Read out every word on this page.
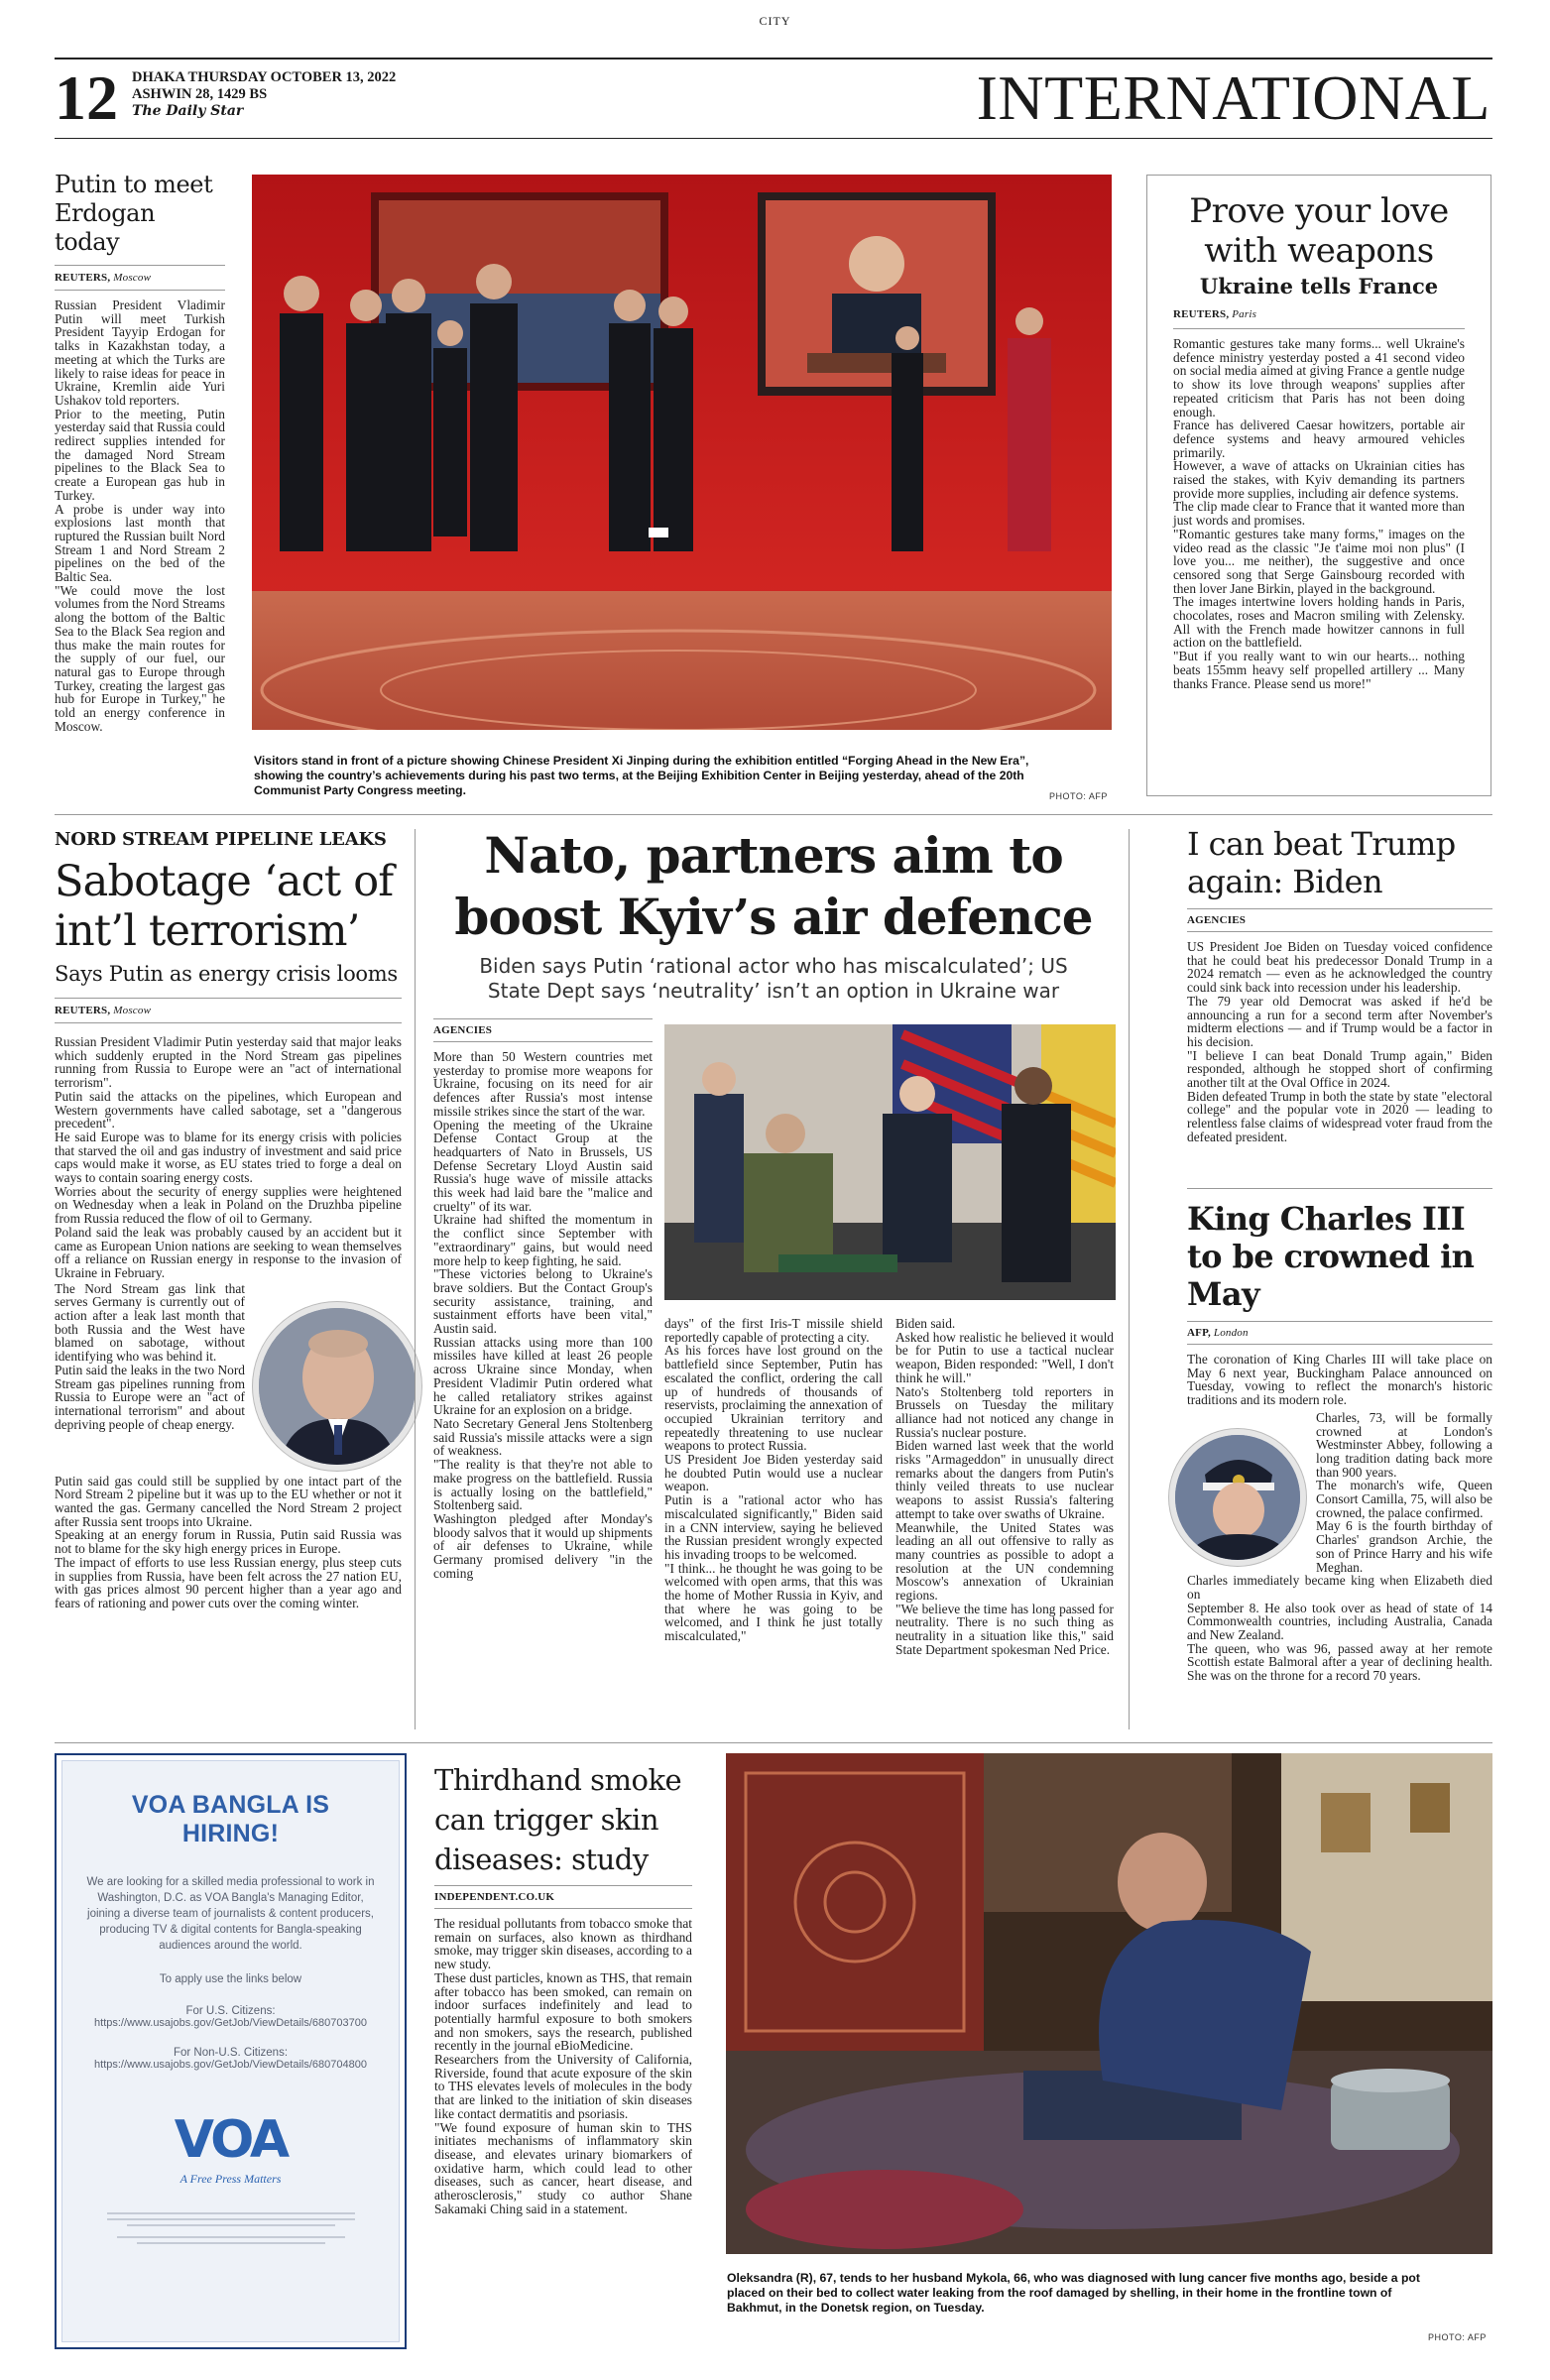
CITY
12 DHAKA THURSDAY OCTOBER 13, 2022
ASHWIN 28, 1429 BS
The Daily Star	INTERNATIONAL
Putin to meet Erdogan today
REUTERS, Moscow
Russian President Vladimir Putin will meet Turkish President Tayyip Erdogan for talks in Kazakhstan today, a meeting at which the Turks are likely to raise ideas for peace in Ukraine, Kremlin aide Yuri Ushakov told reporters.
Prior to the meeting, Putin yesterday said that Russia could redirect supplies intended for the damaged Nord Stream pipelines to the Black Sea to create a European gas hub in Turkey.
A probe is under way into explosions last month that ruptured the Russian built Nord Stream 1 and Nord Stream 2 pipelines on the bed of the Baltic Sea.
"We could move the lost volumes from the Nord Streams along the bottom of the Baltic Sea to the Black Sea region and thus make the main routes for the supply of our fuel, our natural gas to Europe through Turkey, creating the largest gas hub for Europe in Turkey," he told an energy conference in Moscow.
Visitors stand in front of a picture showing Chinese President Xi Jinping during the exhibition entitled “Forging Ahead in the New Era”, showing the country’s achievements during his past two terms, at the Beijing Exhibition Center in Beijing yesterday, ahead of the 20th Communist Party Congress meeting.	PHOTO: AFP
Prove your love with weapons
Ukraine tells France
REUTERS, Paris
Romantic gestures take many forms... well Ukraine's defence ministry yesterday posted a 41 second video on social media aimed at giving France a gentle nudge to show its love through weapons' supplies after repeated criticism that Paris has not been doing enough.
France has delivered Caesar howitzers, portable air defence systems and heavy armoured vehicles primarily.
However, a wave of attacks on Ukrainian cities has raised the stakes, with Kyiv demanding its partners provide more supplies, including air defence systems.
The clip made clear to France that it wanted more than just words and promises.
"Romantic gestures take many forms," images on the video read as the classic "Je t'aime moi non plus" (I love you... me neither), the suggestive and once censored song that Serge Gainsbourg recorded with then lover Jane Birkin, played in the background.
The images intertwine lovers holding hands in Paris, chocolates, roses and Macron smiling with Zelensky. All with the French made howitzer cannons in full action on the battlefield.
"But if you really want to win our hearts... nothing beats 155mm heavy self propelled artillery ... Many thanks France. Please send us more!"
NORD STREAM PIPELINE LEAKS
Sabotage ‘act of int’l terrorism’
Says Putin as energy crisis looms
REUTERS, Moscow
Russian President Vladimir Putin yesterday said that major leaks which suddenly erupted in the Nord Stream gas pipelines running from Russia to Europe were an "act of international terrorism".
Putin said the attacks on the pipelines, which European and Western governments have called sabotage, set a "dangerous precedent".
He said Europe was to blame for its energy crisis with policies that starved the oil and gas industry of investment and said price caps would make it worse, as EU states tried to forge a deal on ways to contain soaring energy costs.
Worries about the security of energy supplies were heightened on Wednesday when a leak in Poland on the Druzhba pipeline from Russia reduced the flow of oil to Germany.
Poland said the leak was probably caused by an accident but it came as European Union nations are seeking to wean themselves off a reliance on Russian energy in response to the invasion of Ukraine in February.
The Nord Stream gas link that serves Germany is currently out of action after a leak last month that both Russia and the West have blamed on sabotage, without identifying who was behind it.
Putin said the leaks in the two Nord Stream gas pipelines running from Russia to Europe were an "act of international terrorism" and about depriving people of cheap energy.
Putin said gas could still be supplied by one intact part of the Nord Stream 2 pipeline but it was up to the EU whether or not it wanted the gas. Germany cancelled the Nord Stream 2 project after Russia sent troops into Ukraine.
Speaking at an energy forum in Russia, Putin said Russia was not to blame for the sky high energy prices in Europe.
The impact of efforts to use less Russian energy, plus steep cuts in supplies from Russia, have been felt across the 27 nation EU, with gas prices almost 90 percent higher than a year ago and fears of rationing and power cuts over the coming winter.
Nato, partners aim to boost Kyiv’s air defence
Biden says Putin ‘rational actor who has miscalculated’; US State Dept says ‘neutrality’ isn’t an option in Ukraine war
AGENCIES
More than 50 Western countries met yesterday to promise more weapons for Ukraine, focusing on its need for air defences after Russia's most intense missile strikes since the start of the war.
Opening the meeting of the Ukraine Defense Contact Group at the headquarters of Nato in Brussels, US Defense Secretary Lloyd Austin said Russia's huge wave of missile attacks this week had laid bare the "malice and cruelty" of its war.
Ukraine had shifted the momentum in the conflict since September with "extraordinary" gains, but would need more help to keep fighting, he said.
"These victories belong to Ukraine's brave soldiers. But the Contact Group's security assistance, training, and sustainment efforts have been vital," Austin said.
Russian attacks using more than 100 missiles have killed at least 26 people across Ukraine since Monday, when President Vladimir Putin ordered what he called retaliatory strikes against Ukraine for an explosion on a bridge.
Nato Secretary General Jens Stoltenberg said Russia's missile attacks were a sign of weakness.
"The reality is that they're not able to make progress on the battlefield. Russia is actually losing on the battlefield," Stoltenberg said.
Washington pledged after Monday's bloody salvos that it would up shipments of air defenses to Ukraine, while Germany promised delivery "in the coming
days" of the first Iris-T missile shield reportedly capable of protecting a city.
As his forces have lost ground on the battlefield since September, Putin has escalated the conflict, ordering the call up of hundreds of thousands of reservists, proclaiming the annexation of occupied Ukrainian territory and repeatedly threatening to use nuclear weapons to protect Russia.
US President Joe Biden yesterday said he doubted Putin would use a nuclear weapon.
Putin is a "rational actor who has miscalculated significantly," Biden said in a CNN interview, saying he believed the Russian president wrongly expected his invading troops to be welcomed.
"I think... he thought he was going to be welcomed with open arms, that this was the home of Mother Russia in Kyiv, and that where he was going to be welcomed, and I think he just totally miscalculated,"
Biden said.
Asked how realistic he believed it would be for Putin to use a tactical nuclear weapon, Biden responded: "Well, I don't think he will."
Nato's Stoltenberg told reporters in Brussels on Tuesday the military alliance had not noticed any change in Russia's nuclear posture.
Biden warned last week that the world risks "Armageddon" in unusually direct remarks about the dangers from Putin's thinly veiled threats to use nuclear weapons to assist Russia's faltering attempt to take over swaths of Ukraine.
Meanwhile, the United States was leading an all out offensive to rally as many countries as possible to adopt a resolution at the UN condemning Moscow's annexation of Ukrainian regions.
"We believe the time has long passed for neutrality. There is no such thing as neutrality in a situation like this," said State Department spokesman Ned Price.
I can beat Trump again: Biden
AGENCIES
US President Joe Biden on Tuesday voiced confidence that he could beat his predecessor Donald Trump in a 2024 rematch — even as he acknowledged the country could sink back into recession under his leadership.
The 79 year old Democrat was asked if he'd be announcing a run for a second term after November's midterm elections — and if Trump would be a factor in his decision.
"I believe I can beat Donald Trump again," Biden responded, although he stopped short of confirming another tilt at the Oval Office in 2024.
Biden defeated Trump in both the state by state "electoral college" and the popular vote in 2020 — leading to relentless false claims of widespread voter fraud from the defeated president.
King Charles III to be crowned in May
AFP, London
The coronation of King Charles III will take place on May 6 next year, Buckingham Palace announced on Tuesday, vowing to reflect the monarch's historic traditions and its modern role.
Charles, 73, will be formally crowned at London's Westminster Abbey, following a long tradition dating back more than 900 years.
The monarch's wife, Queen Consort Camilla, 75, will also be crowned, the palace confirmed.
May 6 is the fourth birthday of Charles' grandson Archie, the son of Prince Harry and his wife Meghan.
Charles immediately became king when Elizabeth died on
September 8. He also took over as head of state of 14 Commonwealth countries, including Australia, Canada and New Zealand.
The queen, who was 96, passed away at her remote Scottish estate Balmoral after a year of declining health. She was on the throne for a record 70 years.
VOA BANGLA IS HIRING!
We are looking for a skilled media professional to work in Washington, D.C. as VOA Bangla's Managing Editor, joining a diverse team of journalists & content producers, producing TV & digital contents for Bangla-speaking audiences around the world.
To apply use the links below
For U.S. Citizens:
https://www.usajobs.gov/GetJob/ViewDetails/680703700
For Non-U.S. Citizens:
https://www.usajobs.gov/GetJob/ViewDetails/680704800
VOA
A Free Press Matters
Thirdhand smoke can trigger skin diseases: study
INDEPENDENT.CO.UK
The residual pollutants from tobacco smoke that remain on surfaces, also known as thirdhand smoke, may trigger skin diseases, according to a new study.
These dust particles, known as THS, that remain after tobacco has been smoked, can remain on indoor surfaces indefinitely and lead to potentially harmful exposure to both smokers and non smokers, says the research, published recently in the journal eBioMedicine.
Researchers from the University of California, Riverside, found that acute exposure of the skin to THS elevates levels of molecules in the body that are linked to the initiation of skin diseases like contact dermatitis and psoriasis.
"We found exposure of human skin to THS initiates mechanisms of inflammatory skin disease, and elevates urinary biomarkers of oxidative harm, which could lead to other diseases, such as cancer, heart disease, and atherosclerosis," study co author Shane Sakamaki Ching said in a statement.
Oleksandra (R), 67, tends to her husband Mykola, 66, who was diagnosed with lung cancer five months ago, beside a pot placed on their bed to collect water leaking from the roof damaged by shelling, in their home in the frontline town of Bakhmut, in the Donetsk region, on Tuesday.
PHOTO: AFP
